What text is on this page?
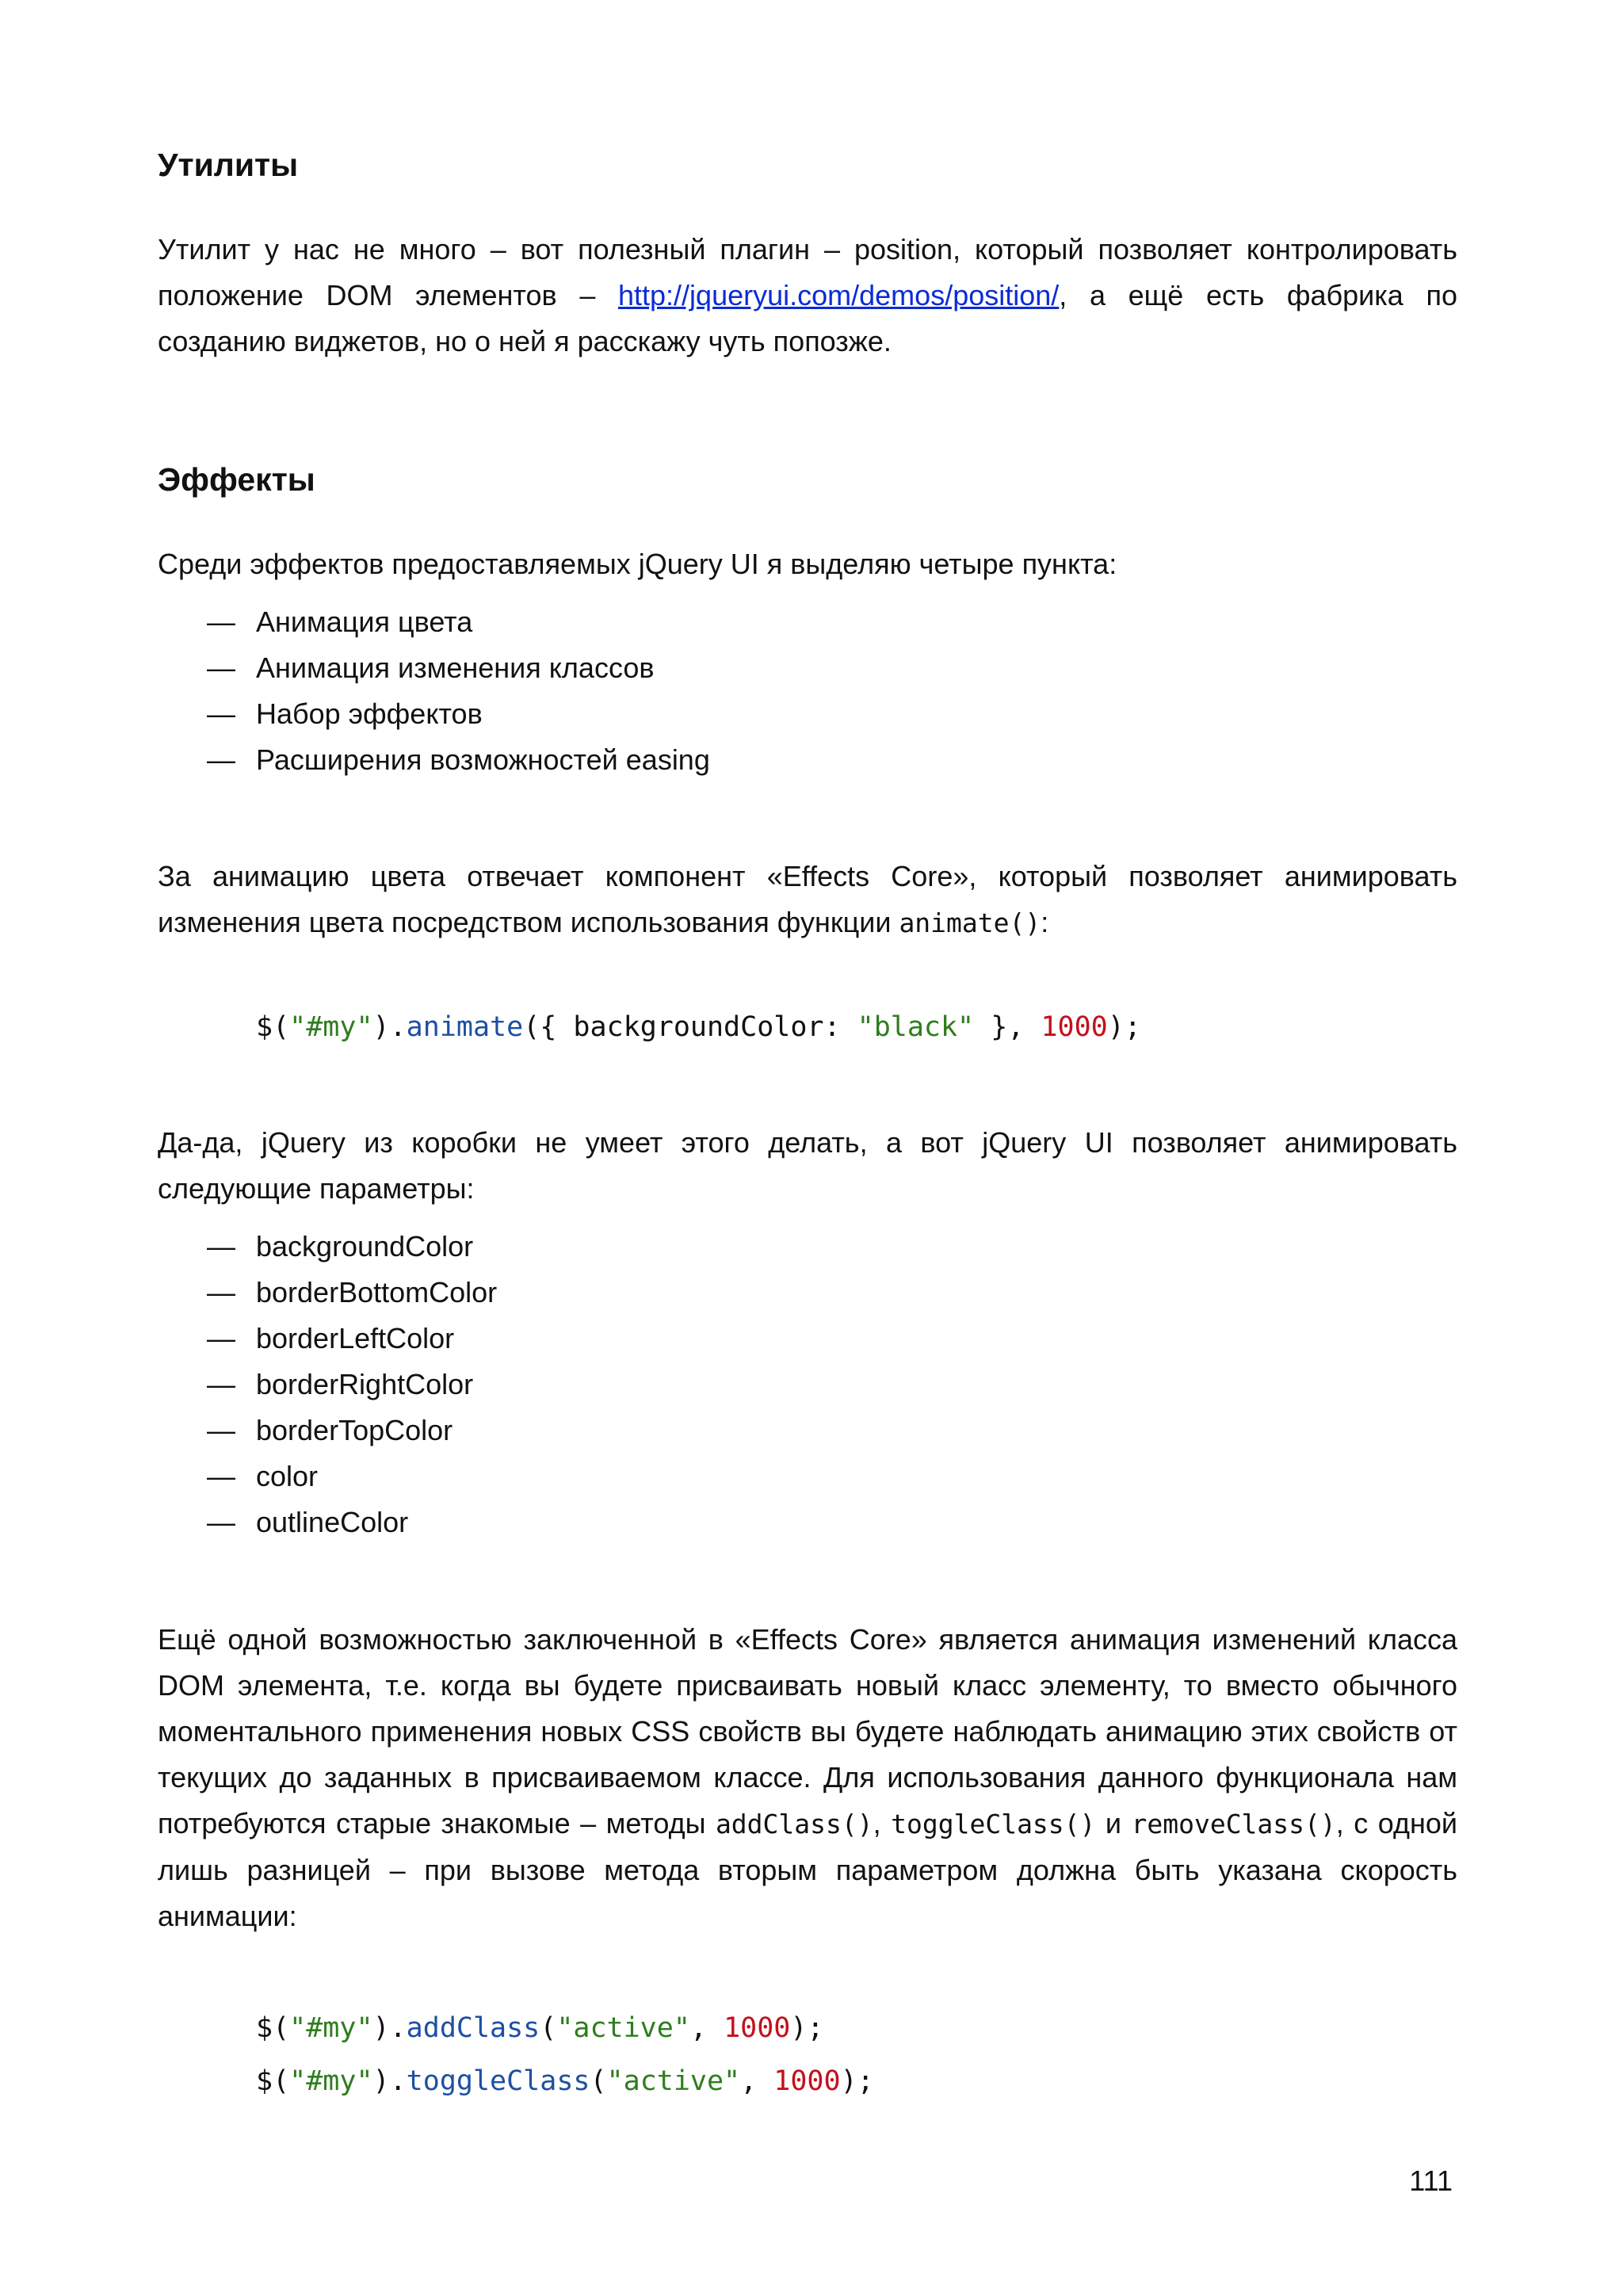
Утилиты

Утилит у нас не много – вот полезный плагин – position, который позволяет контролировать положение DOM элементов – http://jqueryui.com/demos/position/, а ещё есть фабрика по созданию виджетов, но о ней я расскажу чуть попозже.

Эффекты

Среди эффектов предоставляемых jQuery UI я выделяю четыре пункта:

— Анимация цвета
— Анимация изменения классов
— Набор эффектов
— Расширения возможностей easing

За анимацию цвета отвечает компонент «Effects Core», который позволяет анимировать изменения цвета посредством использования функции animate():

$("#my").animate({ backgroundColor: "black" }, 1000);

Да-да, jQuery из коробки не умеет этого делать, а вот jQuery UI позволяет анимировать следующие параметры:

— backgroundColor
— borderBottomColor
— borderLeftColor
— borderRightColor
— borderTopColor
— color
— outlineColor

Ещё одной возможностью заключенной в «Effects Core» является анимация изменений класса DOM элемента, т.е. когда вы будете присваивать новый класс элементу, то вместо обычного моментального применения новых CSS свойств вы будете наблюдать анимацию этих свойств от текущих до заданных в присваиваемом классе. Для использования данного функционала нам потребуются старые знакомые – методы addClass(), toggleClass() и removeClass(), с одной лишь разницей – при вызове метода вторым параметром должна быть указана скорость анимации:

$("#my").addClass("active", 1000);
$("#my").toggleClass("active", 1000);
111
